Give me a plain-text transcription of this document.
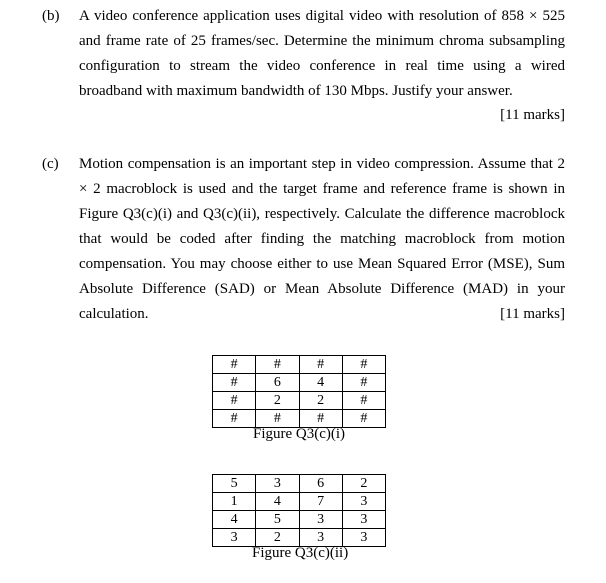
(b) A video conference application uses digital video with resolution of 858 × 525 and frame rate of 25 frames/sec. Determine the minimum chroma subsampling configuration to stream the video conference in real time using a wired broadband with maximum bandwidth of 130 Mbps. Justify your answer.

[11 marks]
(c) Motion compensation is an important step in video compression. Assume that 2 × 2 macroblock is used and the target frame and reference frame is shown in Figure Q3(c)(i) and Q3(c)(ii), respectively. Calculate the difference macroblock that would be coded after finding the matching macroblock from motion compensation. You may choose either to use Mean Squared Error (MSE), Sum Absolute Difference (SAD) or Mean Absolute Difference (MAD) in your calculation.	[11 marks]
#	#	#	#
#	6	4	#
#	2	2	#
#	#	#	#
Figure Q3(c)(i)
5	3	6	2
1	4	7	3
4	5	3	3
3	2	3	3
Figure Q3(c)(ii)
